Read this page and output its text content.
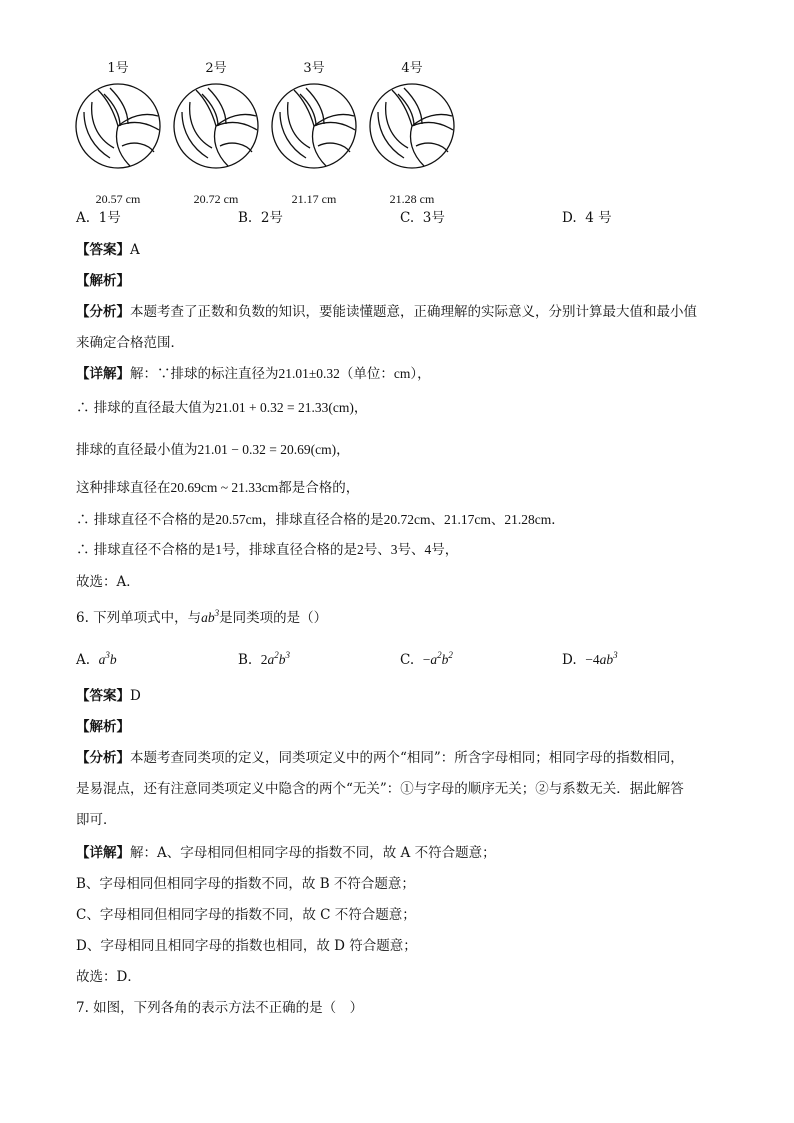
1号
20.57 cm
2号
20.72 cm
3号
21.17 cm
4号
21.28 cm
A. 1号	B. 2号	C. 3号	D. 4 号
【答案】A
【解析】
【分析】本题考查了正数和负数的知识，要能读懂题意，正确理解的实际意义，分别计算最大值和最小值
来确定合格范围．
【详解】解：∵排球的标注直径为21.01±0.32（单位：cm），
∴ 排球的直径最大值为21.01 + 0.32 = 21.33(cm)，
排球的直径最小值为21.01 − 0.32 = 20.69(cm)，
这种排球直径在20.69cm ~ 21.33cm都是合格的，
∴ 排球直径不合格的是20.57cm，排球直径合格的是20.72cm、21.17cm、21.28cm．
∴ 排球直径不合格的是1号，排球直径合格的是2号、3号、4号，
故选：A．
6. 下列单项式中，与$ab^3$是同类项的是（）
A.  $a^3b$	B.  $2a^2b^3$	C.  $-a^2b^2$	D.  $-4ab^3$
【答案】D
【解析】
【分析】本题考查同类项的定义，同类项定义中的两个“相同”：所含字母相同；相同字母的指数相同，
是易混点，还有注意同类项定义中隐含的两个“无关”：①与字母的顺序无关；②与系数无关．据此解答
即可．
【详解】解：A、字母相同但相同字母的指数不同，故 A 不符合题意；
B、字母相同但相同字母的指数不同，故 B 不符合题意；
C、字母相同但相同字母的指数不同，故 C 不符合题意；
D、字母相同且相同字母的指数也相同，故 D 符合题意；
故选：D．
7. 如图，下列各角的表示方法不正确的是（　）
